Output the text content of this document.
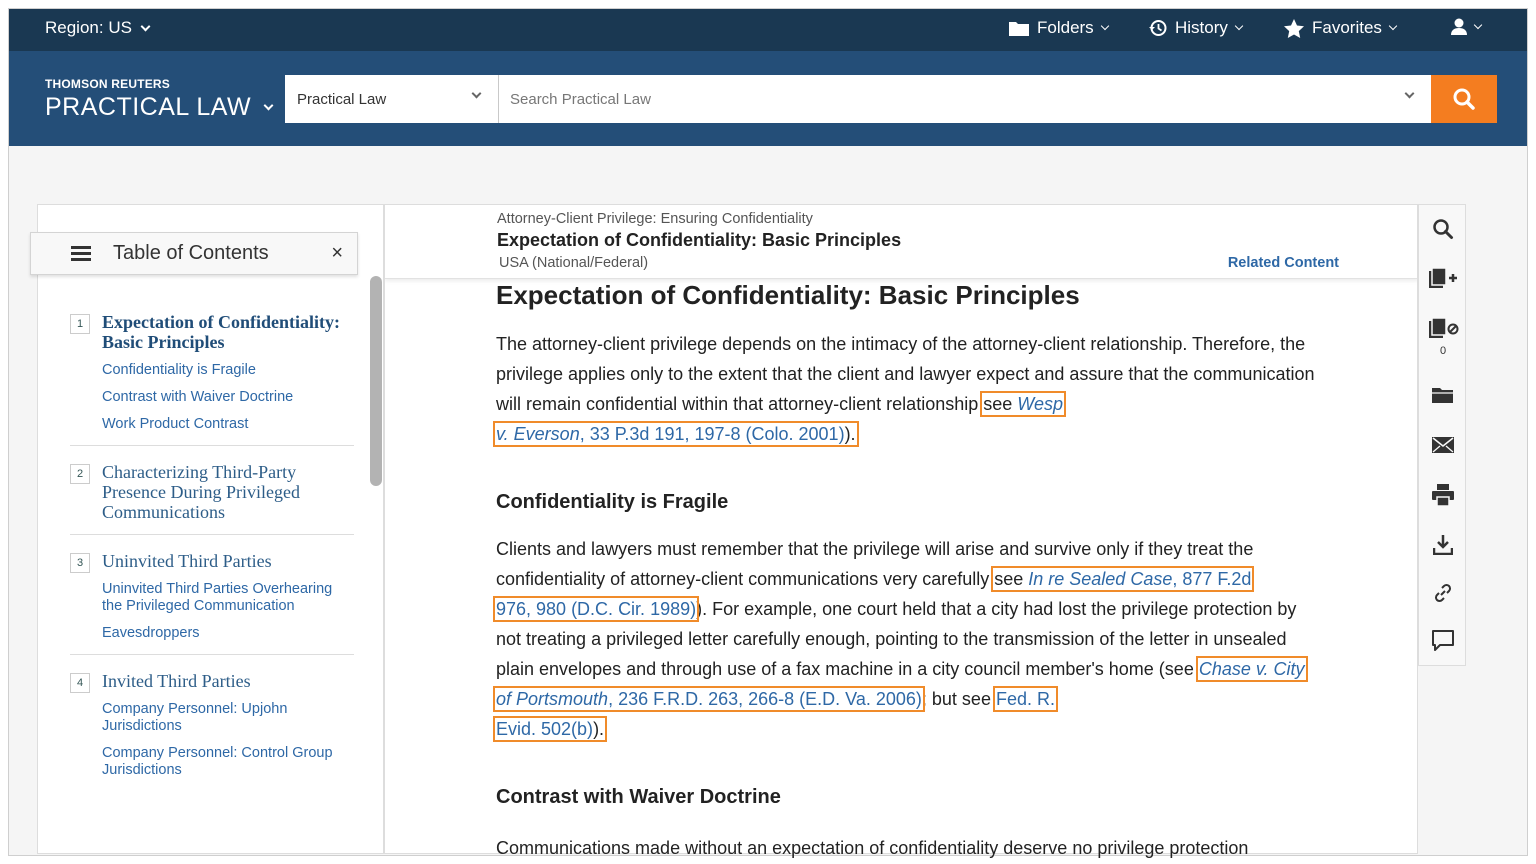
Region: US	Folders	History	Favorites
THOMSON REUTERS
PRACTICAL LAW	Practical Law
Search Practical Law
Table of Contents	×
1	Expectation of Confidentiality: Basic Principles
Confidentiality is Fragile
Contrast with Waiver Doctrine
Work Product Contrast
2	Characterizing Third-Party Presence During Privileged Communications
3	Uninvited Third Parties
Uninvited Third Parties Overhearing the Privileged Communication
Eavesdroppers
4	Invited Third Parties
Company Personnel: Upjohn Jurisdictions
Company Personnel: Control Group Jurisdictions
Attorney-Client Privilege: Ensuring Confidentiality
Expectation of Confidentiality: Basic Principles
USA (National/Federal)	Related Content
Expectation of Confidentiality: Basic Principles

The attorney-client privilege depends on the intimacy of the attorney-client relationship. Therefore, the privilege applies only to the extent that the client and lawyer expect and assure that the communication will remain confidential within that attorney-client relationship see Wesp
v. Everson, 33 P.3d 191, 197-8 (Colo. 2001)).

Confidentiality is Fragile

Clients and lawyers must remember that the privilege will arise and survive only if they treat the confidentiality of attorney-client communications very carefully see In re Sealed Case, 877 F.2d
976, 980 (D.C. Cir. 1989)). For example, one court held that a city had lost the privilege protection by not treating a privileged letter carefully enough, pointing to the transmission of the letter in unsealed plain envelopes and through use of a fax machine in a city council member's home (see Chase v. City of Portsmouth, 236 F.R.D. 263, 266-8 (E.D. Va. 2006); but see Fed. R.
Evid. 502(b)).

Contrast with Waiver Doctrine

Communications made without an expectation of confidentiality deserve no privilege protection

0
